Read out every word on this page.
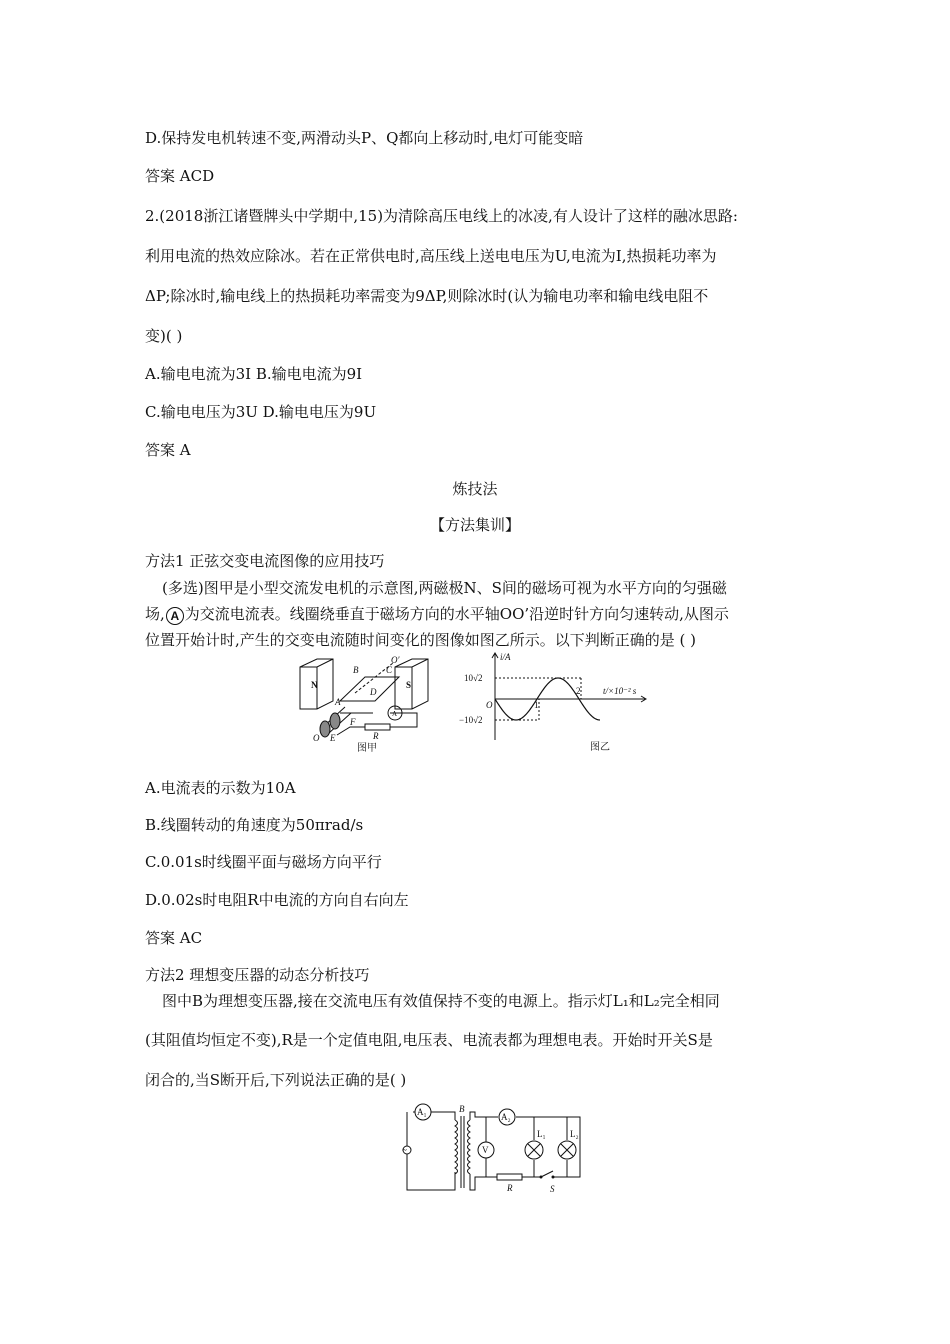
D.保持发电机转速不变,两滑动头P、Q都向上移动时,电灯可能变暗
答案 ACD
2.(2018浙江诸暨牌头中学期中,15)为清除高压电线上的冰凌,有人设计了这样的融冰思路:
利用电流的热效应除冰。若在正常供电时,高压线上送电电压为U,电流为I,热损耗功率为
ΔP;除冰时,输电线上的热损耗功率需变为9ΔP,则除冰时(认为输电功率和输电线电阻不
变)( )
A.输电电流为3I B.输电电流为9I
C.输电电压为3U D.输电电压为9U
答案 A
炼技法
【方法集训】
方法1 正弦交变电流图像的应用技巧
(多选)图甲是小型交流发电机的示意图,两磁极N、S间的磁场可视为水平方向的匀强磁
场, A 为交流电流表。线圈绕垂直于磁场方向的水平轴OO’沿逆时针方向匀速转动,从图示
位置开始计时,产生的交变电流随时间变化的图像如图乙所示。以下判断正确的是 ( )
N	S
B	C
O′
A
D
F
E
O	R
A
图甲
i/A
10√2
−10√2
O	1
2	t/×10⁻² s
图乙
A.电流表的示数为10A
B.线圈转动的角速度为50πrad/s
C.0.01s时线圈平面与磁场方向平行
D.0.02s时电阻R中电流的方向自右向左
答案 AC
方法2 理想变压器的动态分析技巧
图中B为理想变压器,接在交流电压有效值保持不变的电源上。指示灯L₁和L₂完全相同
(其阻值均恒定不变),R是一个定值电阻,电压表、电流表都为理想电表。开始时开关S是
闭合的,当S断开后,下列说法正确的是( )
A₁
~
B
A₂
V
L₁	L₂
R	S
